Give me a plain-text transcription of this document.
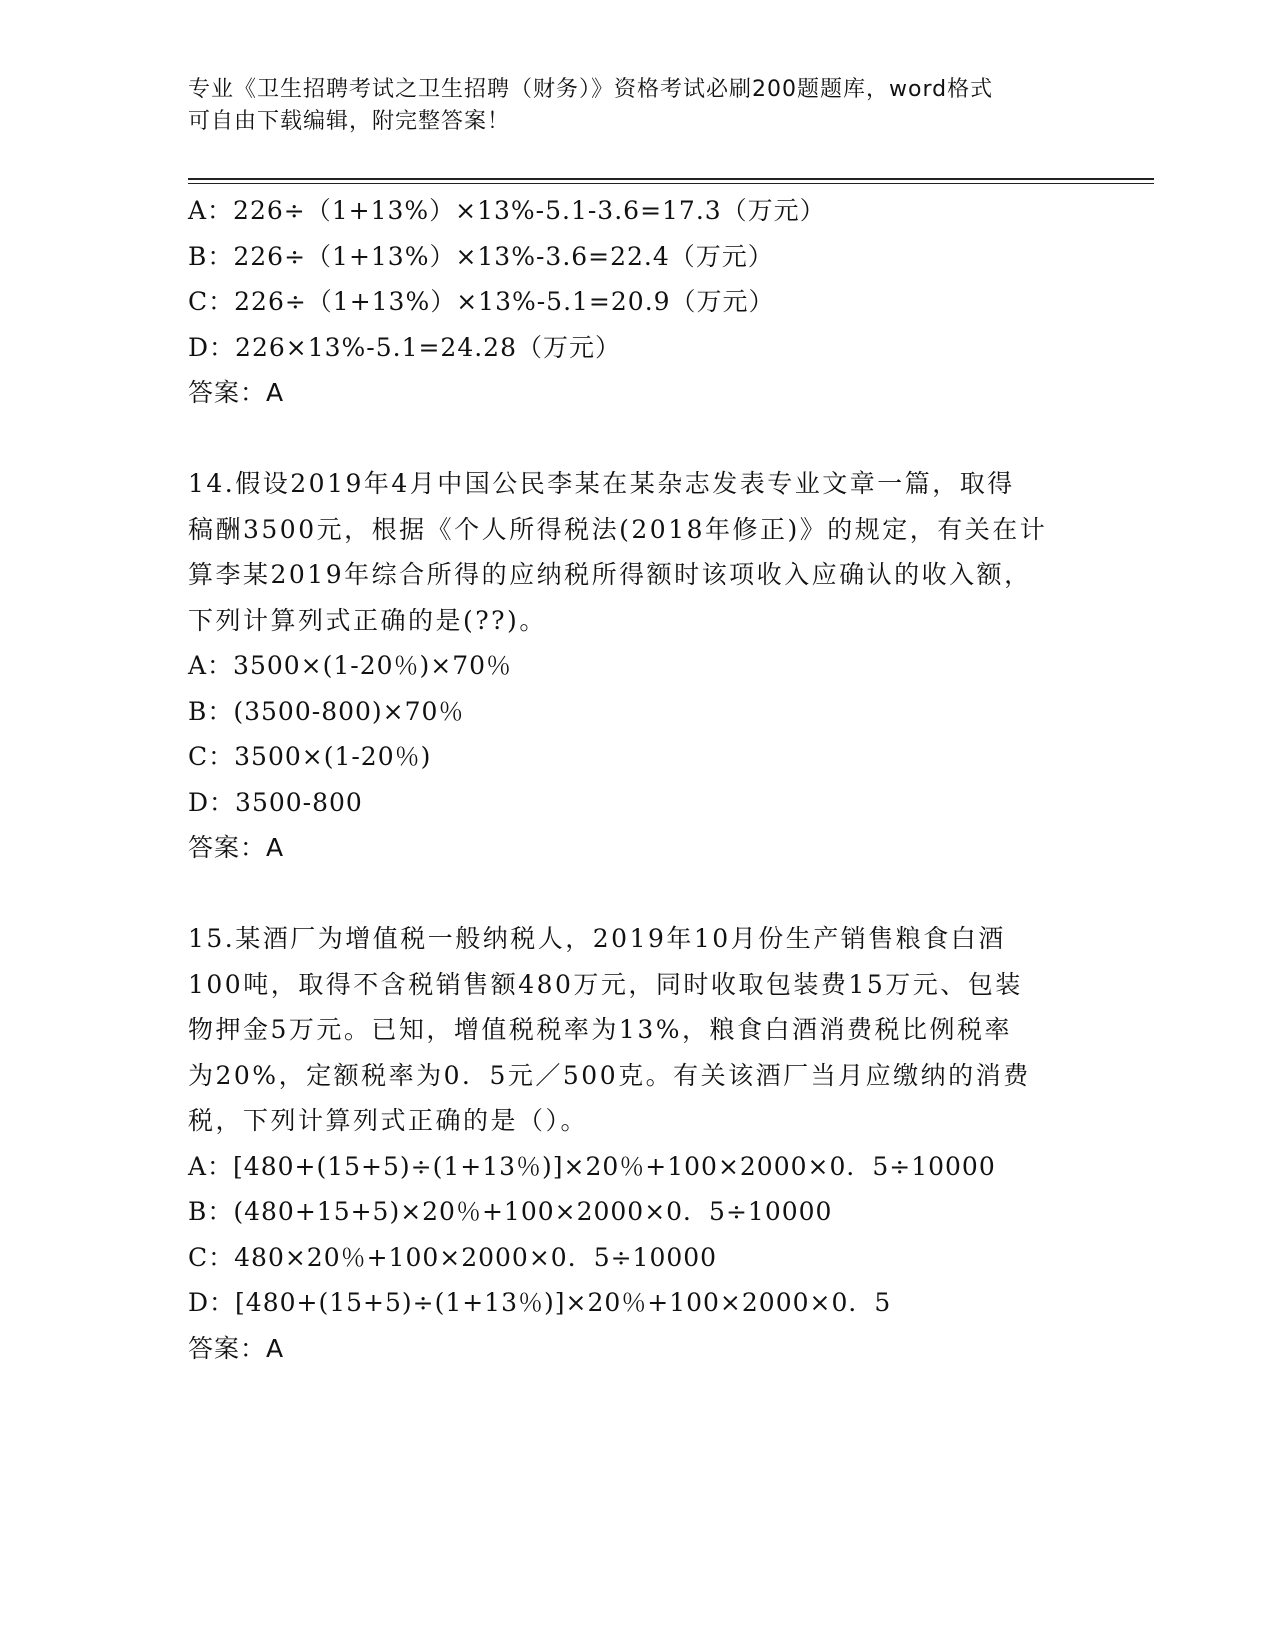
专业《卫生招聘考试之卫生招聘（财务）》资格考试必刷200题题库，word格式
可自由下载编辑，附完整答案！
A：226÷（1+13%）×13%-5.1-3.6=17.3（万元）
B：226÷（1+13%）×13%-3.6=22.4（万元）
C：226÷（1+13%）×13%-5.1=20.9（万元）
D：226×13%-5.1=24.28（万元）
答案：A
14.假设2019年4月中国公民李某在某杂志发表专业文章一篇，取得
稿酬3500元，根据《个人所得税法(2018年修正)》的规定，有关在计
算李某2019年综合所得的应纳税所得额时该项收入应确认的收入额，
下列计算列式正确的是(??)。
A：3500×(1-20％)×70％
B：(3500-800)×70％
C：3500×(1-20％)
D：3500-800
答案：A
15.某酒厂为增值税一般纳税人，2019年10月份生产销售粮食白酒
100吨，取得不含税销售额480万元，同时收取包装费15万元、包装
物押金5万元。已知，增值税税率为13%，粮食白酒消费税比例税率
为20%，定额税率为0．5元／500克。有关该酒厂当月应缴纳的消费
税，下列计算列式正确的是（）。
A：[480+(15+5)÷(1+13％)]×20％+100×2000×0．5÷10000
B：(480+15+5)×20％+100×2000×0．5÷10000
C：480×20％+100×2000×0．5÷10000
D：[480+(15+5)÷(1+13％)]×20％+100×2000×0．5
答案：A
